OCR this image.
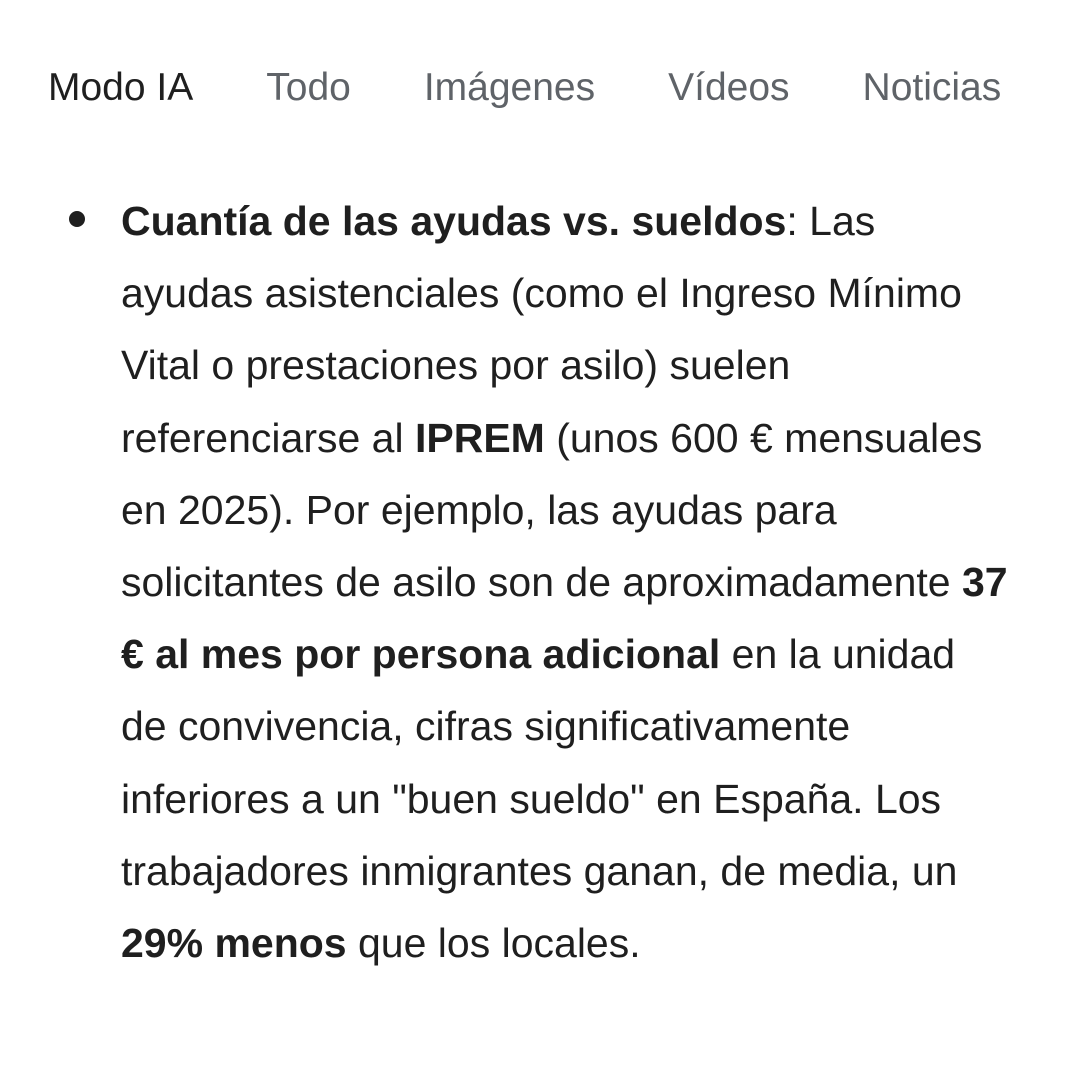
Modo IA Todo Imágenes Vídeos Noticias
Cuantía de las ayudas vs. sueldos: Las ayudas asistenciales (como el Ingreso Mínimo Vital o prestaciones por asilo) suelen referenciarse al IPREM (unos 600 € mensuales en 2025). Por ejemplo, las ayudas para solicitantes de asilo son de aproximadamente 37 € al mes por persona adicional en la unidad de convivencia, cifras significativamente inferiores a un "buen sueldo" en España. Los trabajadores inmigrantes ganan, de media, un 29% menos que los locales.
